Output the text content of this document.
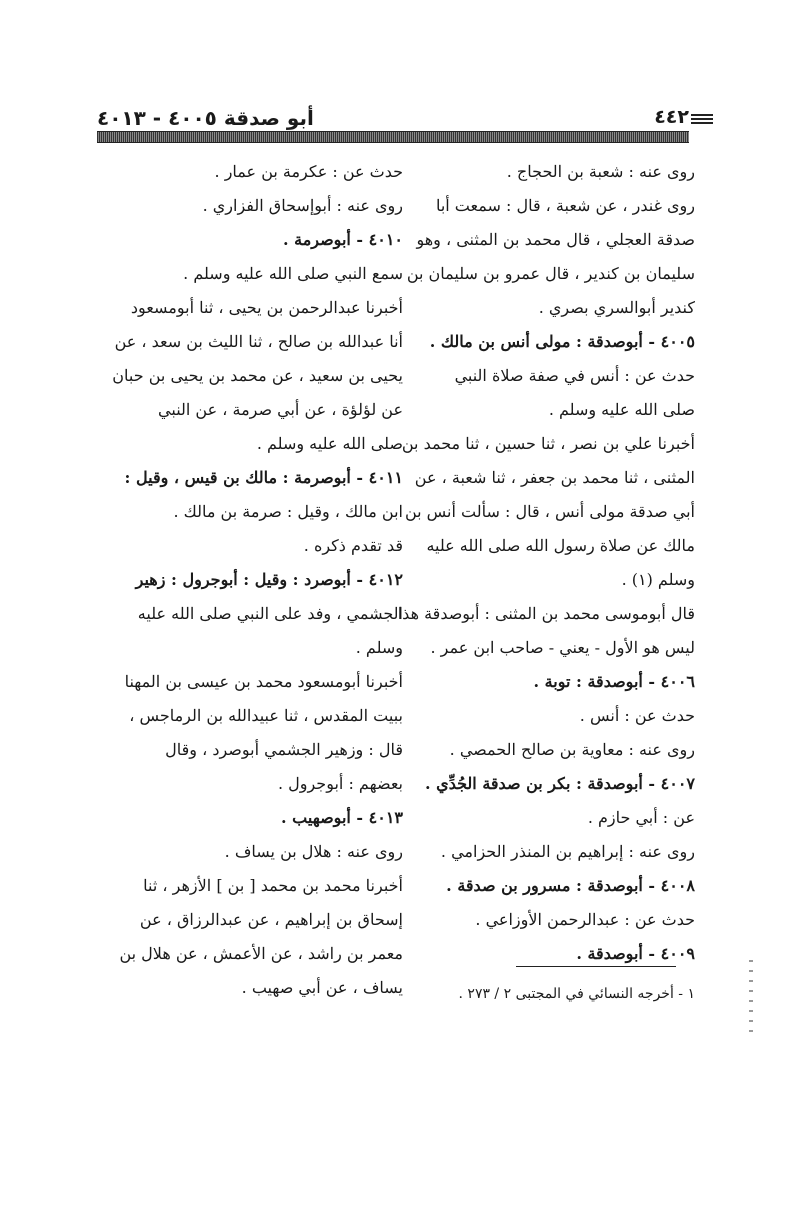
أبو صدقة ٤٠٠٥ - ٤٠١٣	٤٤٢
روى عنه : شعبة بن الحجاج .
روى غندر ، عن شعبة ، قال : سمعت أبا
صدقة العجلي ، قال محمد بن المثنى ، وهو
سليمان بن كندير ، قال عمرو بن سليمان بن
كندير أبوالسري بصري .
٤٠٠٥ - أبوصدقة : مولى أنس بن مالك .
حدث عن : أنس في صفة صلاة النبي
صلى الله عليه وسلم .
أخبرنا علي بن نصر ، ثنا حسين ، ثنا محمد بن
المثنى ، ثنا محمد بن جعفر ، ثنا شعبة ، عن
أبي صدقة مولى أنس ، قال : سألت أنس بن
مالك عن صلاة رسول الله صلى الله عليه
وسلم (١) .
قال أبوموسى محمد بن المثنى : أبوصدقة هذا
ليس هو الأول - يعني - صاحب ابن عمر .
٤٠٠٦ - أبوصدقة : توبة .
حدث عن : أنس .
روى عنه : معاوية بن صالح الحمصي .
٤٠٠٧ - أبوصدقة : بكر بن صدقة الجُدِّي .
عن : أبي حازم .
روى عنه : إبراهيم بن المنذر الحزامي .
٤٠٠٨ - أبوصدقة : مسرور بن صدقة .
حدث عن : عبدالرحمن الأوزاعي .
٤٠٠٩ - أبوصدقة .
حدث عن : عكرمة بن عمار .
روى عنه : أبوإسحاق الفزاري .
٤٠١٠ - أبوصرمة .
سمع النبي صلى الله عليه وسلم .
أخبرنا عبدالرحمن بن يحيى ، ثنا أبومسعود
أنا عبدالله بن صالح ، ثنا الليث بن سعد ، عن
يحيى بن سعيد ، عن محمد بن يحيى بن حبان
عن لؤلؤة ، عن أبي صرمة ، عن النبي
صلى الله عليه وسلم .
٤٠١١ - أبوصرمة : مالك بن قيس ، وقيل :
ابن مالك ، وقيل : صرمة بن مالك .
قد تقدم ذكره .
٤٠١٢ - أبوصرد : وقيل : أبوجرول : زهير
الجشمي ، وفد على النبي صلى الله عليه
وسلم .
أخبرنا أبومسعود محمد بن عيسى بن المهنا
ببيت المقدس ، ثنا عبيدالله بن الرماجس ،
قال : وزهير الجشمي أبوصرد ، وقال
بعضهم : أبوجرول .
٤٠١٣ - أبوصهيب .
روى عنه : هلال بن يساف .
أخبرنا محمد بن محمد [ بن ] الأزهر ، ثنا
إسحاق بن إبراهيم ، عن عبدالرزاق ، عن
معمر بن راشد ، عن الأعمش ، عن هلال بن
يساف ، عن أبي صهيب .	١ - أخرجه النسائي في المجتبى ٢ / ٢٧٣ .
